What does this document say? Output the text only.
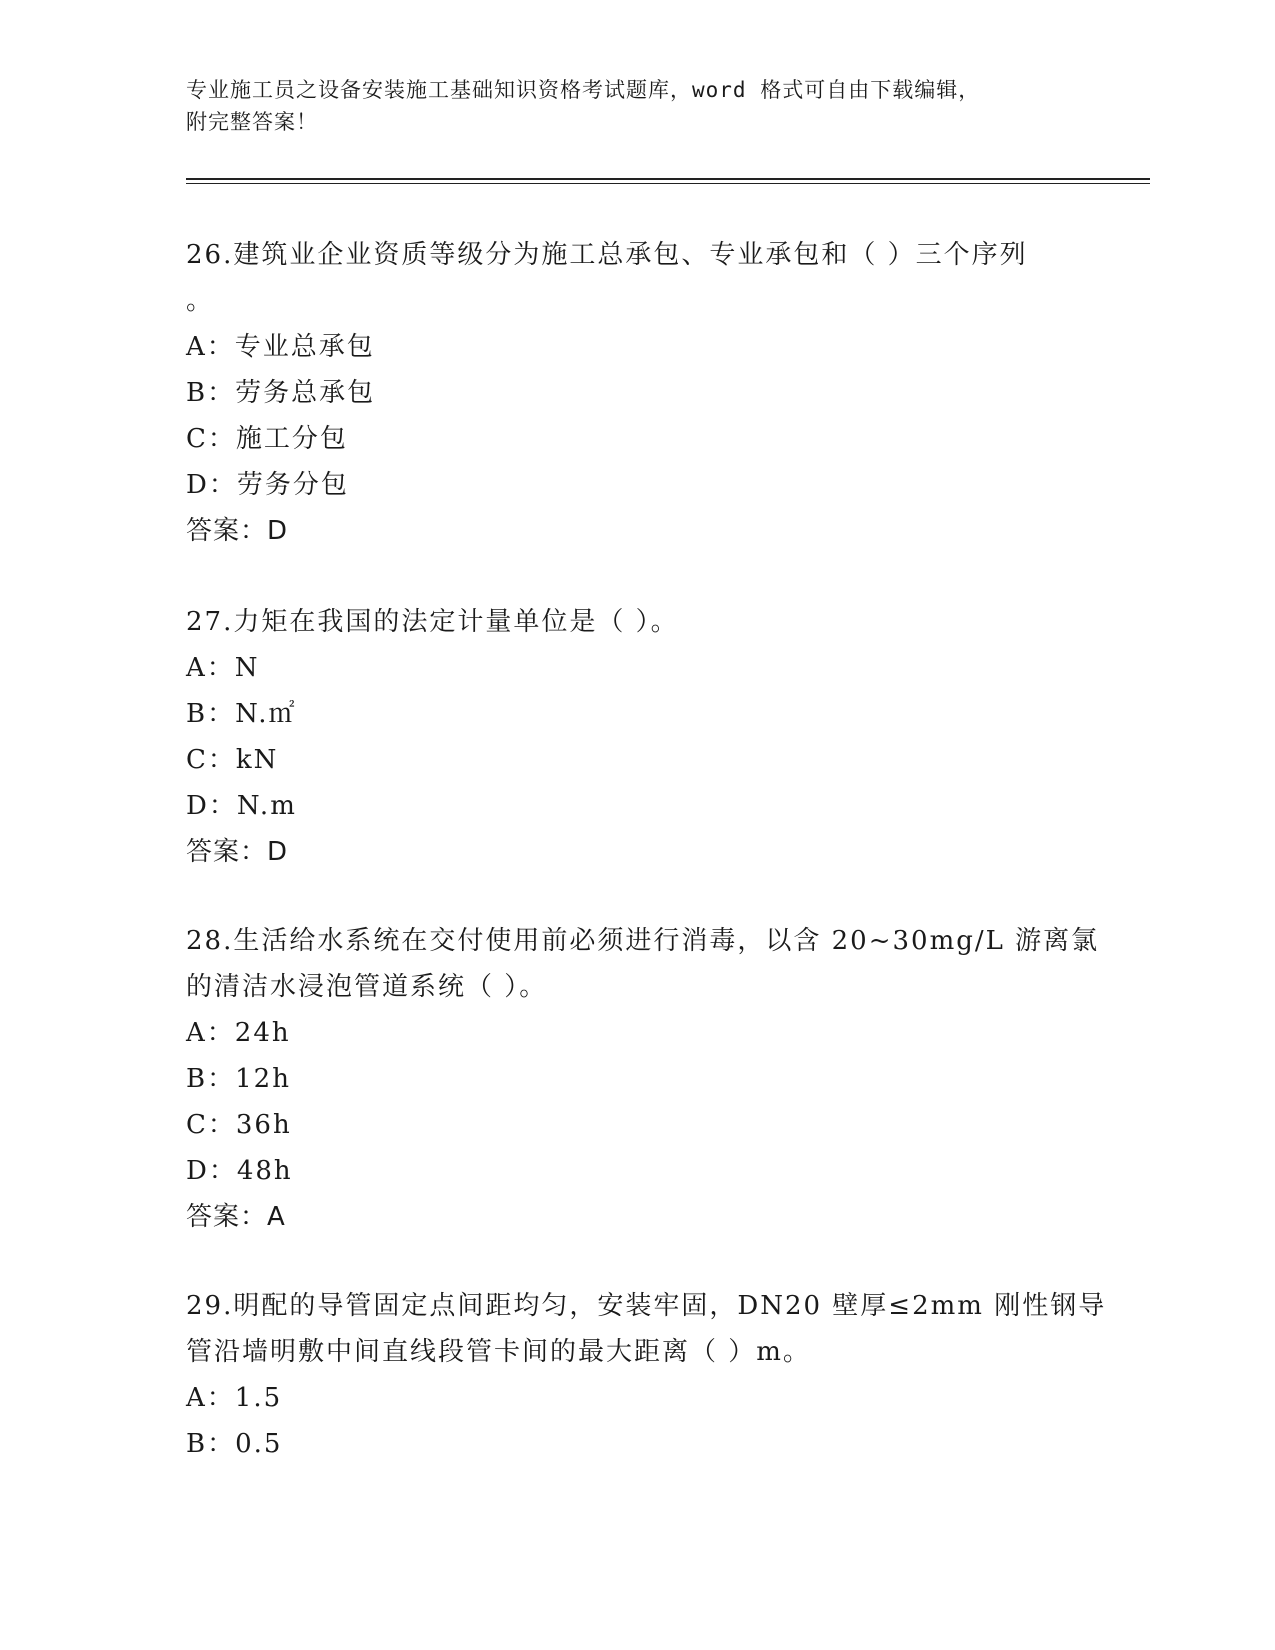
专业施工员之设备安装施工基础知识资格考试题库，word 格式可自由下载编辑，
附完整答案！
26.建筑业企业资质等级分为施工总承包、专业承包和（ ）三个序列
。
A：专业总承包
B：劳务总承包
C：施工分包
D：劳务分包
答案：D
27.力矩在我国的法定计量单位是（ ）。
A：N
B：N.㎡
C：kN
D：N.m
答案：D
28.生活给水系统在交付使用前必须进行消毒，以含 20~30mg/L 游离氯
的清洁水浸泡管道系统（ ）。
A：24h
B：12h
C：36h
D：48h
答案：A
29.明配的导管固定点间距均匀，安装牢固，DN20 壁厚≤2mm 刚性钢导
管沿墙明敷中间直线段管卡间的最大距离（ ）m。
A：1.5
B：0.5
